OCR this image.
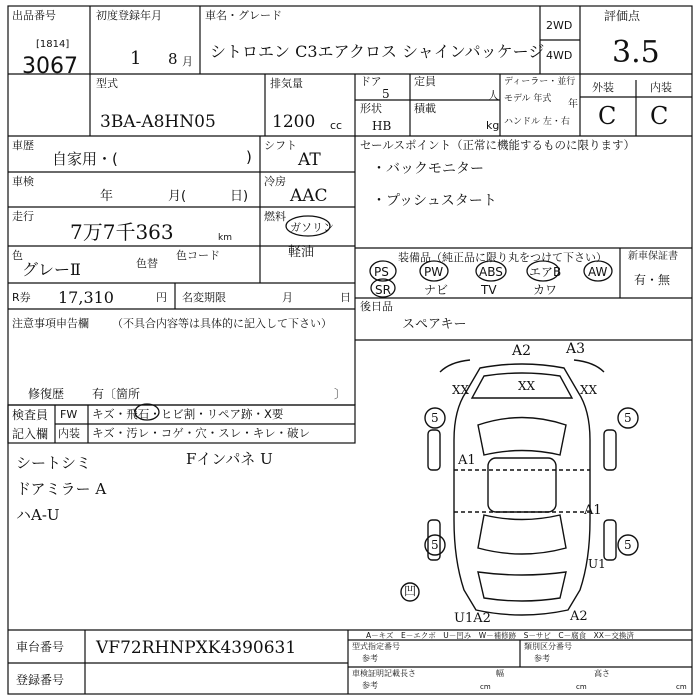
出品番号
[1814]
3067
初度登録年月
1 8 月
車名・グレード
シトロエン C3エアクロス シャインパッケージ
2WD
4WD
評価点
3.5
型式
3BA-A8HN05
排気量
1200 cc
ドア
5
形状
HB
定員
人
積載
kg
ディーラー・並行
モデル 年式 年
ハンドル 左・右
外装	内装
C C
車歴
自家用・(	)
シフト
AT
車検
年	月(	日)
冷房
AAC
走行
7万7千363	km
燃料
ガソリン
軽油
色
グレーⅡ	色替
色コード
R券 17,310	円 名変期限	月	日
注意事項申告欄 （不具合内容等は具体的に記入して下さい）
修復歴 有〔箇所	〕
検査員
記入欄
FW キズ・飛石・ヒビ割・リペア跡・X要
内装 キズ・汚レ・コゲ・穴・スレ・キレ・破レ
シートシミ
ドアミラー A
ハA-U
Fインパネ U
セールスポイント（正常に機能するものに限ります）
・バックモニター
・プッシュスタート
装備品（純正品に限り丸をつけて下さい）
PS	PW	ABS エアB AW
SR	ナビ	TV	カワ
新車保証書
有・無
後日品
スペアキー
A2 A3
XX	XX	XX
5	5
5	5
A1
A1
U1
U1A2	A2
凹
A－キズ　E－エクボ　U－凹み　W－補修跡　S－サビ　C－腐食　XX－交換済
車台番号 VF72RHNPXK4390631
登録番号
型式指定番号
参考
類別区分番号
参考
車検証明記載
参考
長さ
cm
幅
cm
高さ
cm
